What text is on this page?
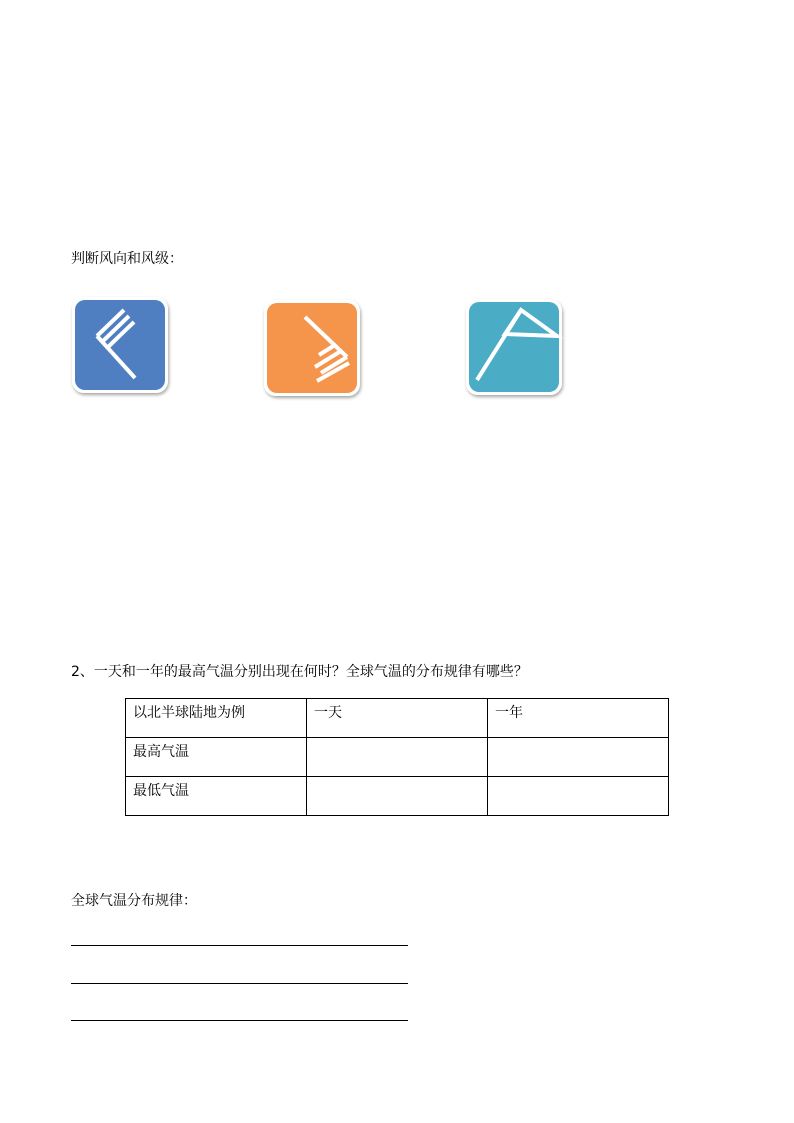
判断风向和风级：
2、一天和一年的最高气温分别出现在何时？全球气温的分布规律有哪些？
以北半球陆地为例	一天	一年
最高气温		
最低气温		
全球气温分布规律：
